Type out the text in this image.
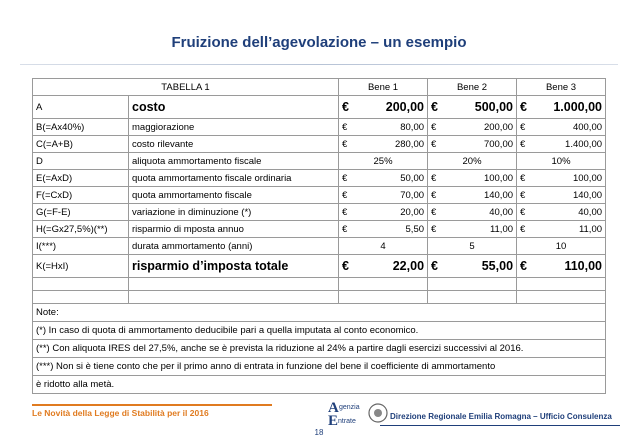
Fruizione dell’agevolazione – un esempio
TABELLA 1		Bene 1		Bene 2		Bene 3	
A	costo	€	200,00	€	500,00	€	1.000,00
B(=Ax40%)	maggiorazione	€	80,00	€	200,00	€	400,00
C(=A+B)	costo rilevante	€	280,00	€	700,00	€	1.400,00
D	aliquota ammortamento fiscale	25%		20%		10%	
E(=AxD)	quota ammortamento fiscale ordinaria	€	50,00	€	100,00	€	100,00
F(=CxD)	quota ammortamento fiscale	€	70,00	€	140,00	€	140,00
G(=F-E)	variazione in diminuzione (*)	€	20,00	€	40,00	€	40,00
H(=Gx27,5%)(**)	risparmio di mposta annuo	€	5,50	€	11,00	€	11,00
I(***)	durata ammortamento (anni)	4		5		10	
K(=HxI)	risparmio d’imposta totale	€	22,00	€	55,00	€	110,00

Note:							
(*) In caso di quota di ammortamento deducibile pari a quella imputata al conto economico.							
(**) Con aliquota IRES del 27,5%, anche se è prevista la riduzione al 24% a partire dagli esercizi successivi al 2016.							
(***) Non si è tiene conto che per il primo anno di entrata in funzione del bene il coefficiente di ammortamento							
è ridotto alla metà.							
Le Novità della Legge di Stabilità per il 2016	A genzia
E ntrate
Direzione Regionale Emilia Romagna – Ufficio Consulenza
18
